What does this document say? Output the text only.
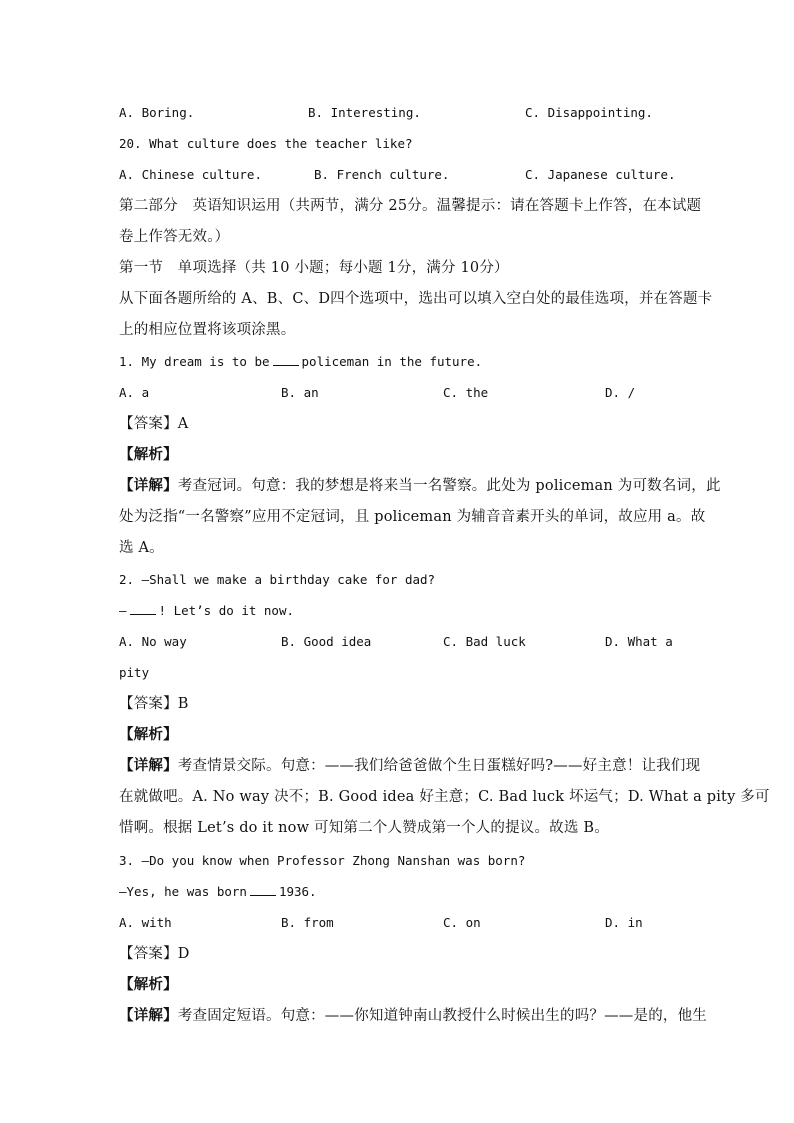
A. Boring.	B. Interesting.	C. Disappointing.
20. What culture does the teacher like?
A. Chinese culture.	B. French culture.	C. Japanese culture.
第二部分　英语知识运用（共两节，满分 25分。温馨提示：请在答题卡上作答，在本试题
卷上作答无效。）
第一节　单项选择（共 10 小题；每小题 1分，满分 10分）
从下面各题所给的 A、B、C、D四个选项中，选出可以填入空白处的最佳选项，并在答题卡
上的相应位置将该项涂黑。
1. My dream is to be	policeman in the future.
A. a	B. an	C. the	D. /
【答案】A
【解析】
【详解】考查冠词。句意：我的梦想是将来当一名警察。此处为 policeman 为可数名词，此
处为泛指“一名警察”应用不定冠词，且 policeman 为辅音音素开头的单词，故应用 a。故
选 A。
2. —Shall we make a birthday cake for dad?
—	! Let’s do it now.
A. No way	B. Good idea	C. Bad luck	D. What a
pity
【答案】B
【解析】
【详解】考查情景交际。句意：——我们给爸爸做个生日蛋糕好吗?——好主意！让我们现
在就做吧。A. No way 决不；B. Good idea 好主意；C. Bad luck 坏运气；D. What a pity 多可
惜啊。根据 Let’s do it now 可知第二个人赞成第一个人的提议。故选 B。
3. —Do you know when Professor Zhong Nanshan was born?
—Yes, he was born	1936.
A. with	B. from	C. on	D. in
【答案】D
【解析】
【详解】考查固定短语。句意：——你知道钟南山教授什么时候出生的吗？——是的，他生
